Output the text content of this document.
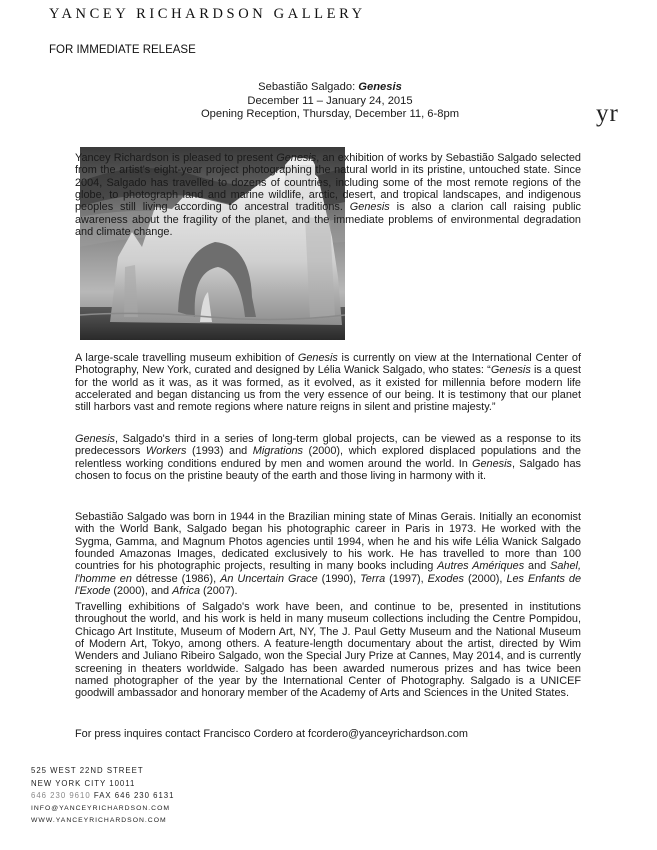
YANCEY RICHARDSON GALLERY
FOR IMMEDIATE RELEASE
yr
Sebastião Salgado: Genesis
December 11 – January 24, 2015
Opening Reception, Thursday, December 11, 6-8pm

Yancey Richardson is pleased to present Genesis, an exhibition of works by Sebastião Salgado selected from the artist's eight-year project photographing the natural world in its pristine, untouched state. Since 2004, Salgado has travelled to dozens of countries, including some of the most remote regions of the globe, to photograph land and marine wildlife, arctic, desert, and tropical landscapes, and indigenous peoples still living according to ancestral traditions. Genesis is also a clarion call raising public awareness about the fragility of the planet, and the immediate problems of environmental degradation and climate change.

A large-scale travelling museum exhibition of Genesis is currently on view at the International Center of Photography, New York, curated and designed by Lélia Wanick Salgado, who states: “Genesis is a quest for the world as it was, as it was formed, as it evolved, as it existed for millennia before modern life accelerated and began distancing us from the very essence of our being. It is testimony that our planet still harbors vast and remote regions where nature reigns in silent and pristine majesty.”

Genesis, Salgado's third in a series of long-term global projects, can be viewed as a response to its predecessors Workers (1993) and Migrations (2000), which explored displaced populations and the relentless working conditions endured by men and women around the world. In Genesis, Salgado has chosen to focus on the pristine beauty of the earth and those living in harmony with it.

Sebastião Salgado was born in 1944 in the Brazilian mining state of Minas Gerais. Initially an economist with the World Bank, Salgado began his photographic career in Paris in 1973. He worked with the Sygma, Gamma, and Magnum Photos agencies until 1994, when he and his wife Lélia Wanick Salgado founded Amazonas Images, dedicated exclusively to his work. He has travelled to more than 100 countries for his photographic projects, resulting in many books including Autres Amériques and Sahel, l'homme en détresse (1986), An Uncertain Grace (1990), Terra (1997), Exodes (2000), Les Enfants de l'Exode (2000), and Africa (2007).

Travelling exhibitions of Salgado's work have been, and continue to be, presented in institutions throughout the world, and his work is held in many museum collections including the Centre Pompidou, Chicago Art Institute, Museum of Modern Art, NY, The J. Paul Getty Museum and the National Museum of Modern Art, Tokyo, among others. A feature-length documentary about the artist, directed by Wim Wenders and Juliano Ribeiro Salgado, won the Special Jury Prize at Cannes, May 2014, and is currently screening in theaters worldwide. Salgado has been awarded numerous prizes and has twice been named photographer of the year by the International Center of Photography. Salgado is a UNICEF goodwill ambassador and honorary member of the Academy of Arts and Sciences in the United States.

For press inquires contact Francisco Cordero at fcordero@yanceyrichardson.com
525 WEST 22ND STREET
NEW YORK CITY 10011
646 230 9610 FAX 646 230 6131
INFO@YANCEYRICHARDSON.COM
WWW.YANCEYRICHARDSON.COM
